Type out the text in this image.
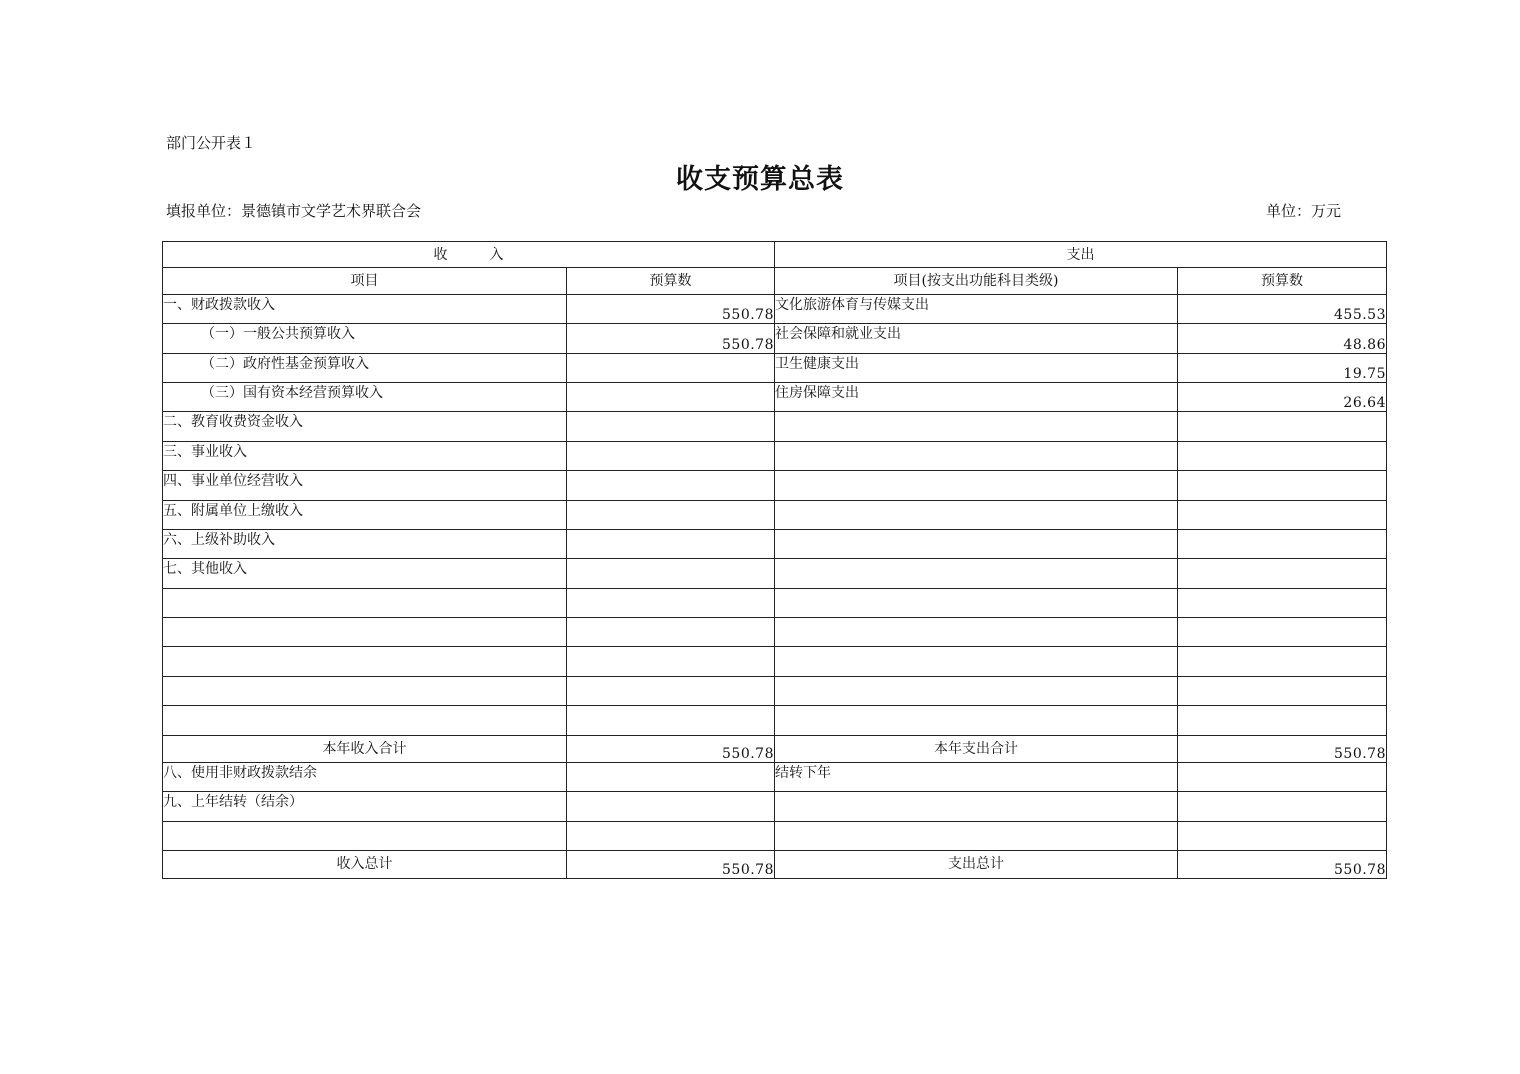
部门公开表１
收支预算总表
填报单位：景德镇市文学艺术界联合会	单位：万元
收　　　入		支出	
项目	预算数	项目(按支出功能科目类级)	预算数
一、财政拨款收入	550.78	文化旅游体育与传媒支出	455.53
（一）一般公共预算收入	550.78	社会保障和就业支出	48.86
（二）政府性基金预算收入		卫生健康支出	19.75
（三）国有资本经营预算收入		住房保障支出	26.64
二、教育收费资金收入			
三、事业收入			
四、事业单位经营收入			
五、附属单位上缴收入			
六、上级补助收入			
七、其他收入			

本年收入合计	550.78	本年支出合计	550.78
八、使用非财政拨款结余		结转下年	
九、上年结转（结余）			

收入总计	550.78	支出总计	550.78
